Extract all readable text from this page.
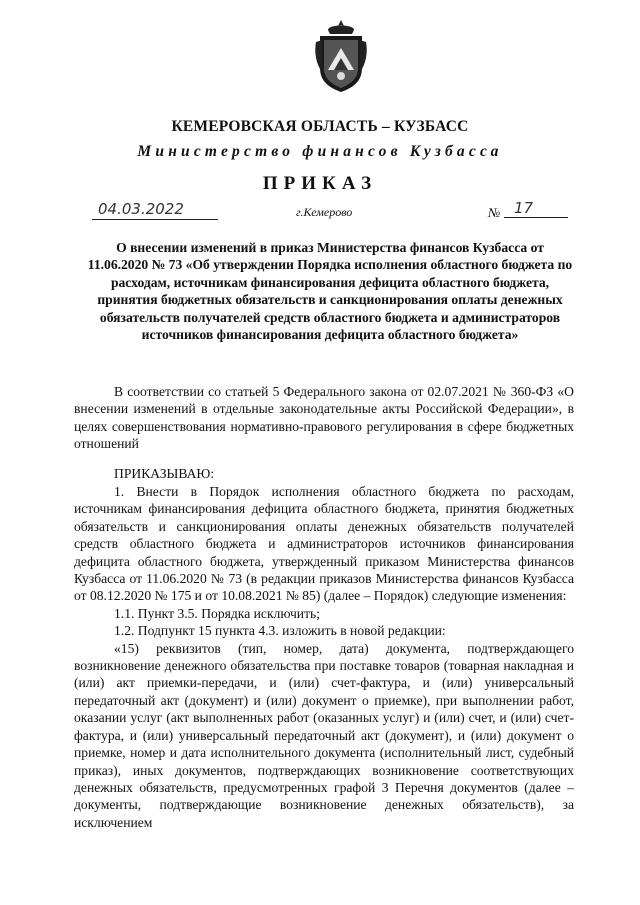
КЕМЕРОВСКАЯ ОБЛАСТЬ – КУЗБАСС
Министерство финансов Кузбасса
ПРИКАЗ
04.03.2022	г.Кемерово	№ 17
О внесении изменений в приказ Министерства финансов Кузбасса от 11.06.2020 № 73 «Об утверждении Порядка исполнения областного бюджета по расходам, источникам финансирования дефицита областного бюджета, принятия бюджетных обязательств и санкционирования оплаты денежных обязательств получателей средств областного бюджета и администраторов источников финансирования дефицита областного бюджета»

В соответствии со статьей 5 Федерального закона от 02.07.2021 № 360-ФЗ «О внесении изменений в отдельные законодательные акты Российской Федерации», в целях совершенствования нормативно-правового регулирования в сфере бюджетных отношений

ПРИКАЗЫВАЮ:

1. Внести в Порядок исполнения областного бюджета по расходам, источникам финансирования дефицита областного бюджета, принятия бюджетных обязательств и санкционирования оплаты денежных обязательств получателей средств областного бюджета и администраторов источников финансирования дефицита областного бюджета, утвержденный приказом Министерства финансов Кузбасса от 11.06.2020 № 73 (в редакции приказов Министерства финансов Кузбасса от 08.12.2020 № 175 и от 10.08.2021 № 85) (далее – Порядок) следующие изменения:

1.1. Пункт 3.5. Порядка исключить;

1.2. Подпункт 15 пункта 4.3. изложить в новой редакции:

«15) реквизитов (тип, номер, дата) документа, подтверждающего возникновение денежного обязательства при поставке товаров (товарная накладная и (или) акт приемки-передачи, и (или) счет-фактура, и (или) универсальный передаточный акт (документ) и (или) документ о приемке), при выполнении работ, оказании услуг (акт выполненных работ (оказанных услуг) и (или) счет, и (или) счет-фактура, и (или) универсальный передаточный акт (документ), и (или) документ о приемке, номер и дата исполнительного документа (исполнительный лист, судебный приказ), иных документов, подтверждающих возникновение соответствующих денежных обязательств, предусмотренных графой 3 Перечня документов (далее – документы, подтверждающие возникновение денежных обязательств), за исключением
